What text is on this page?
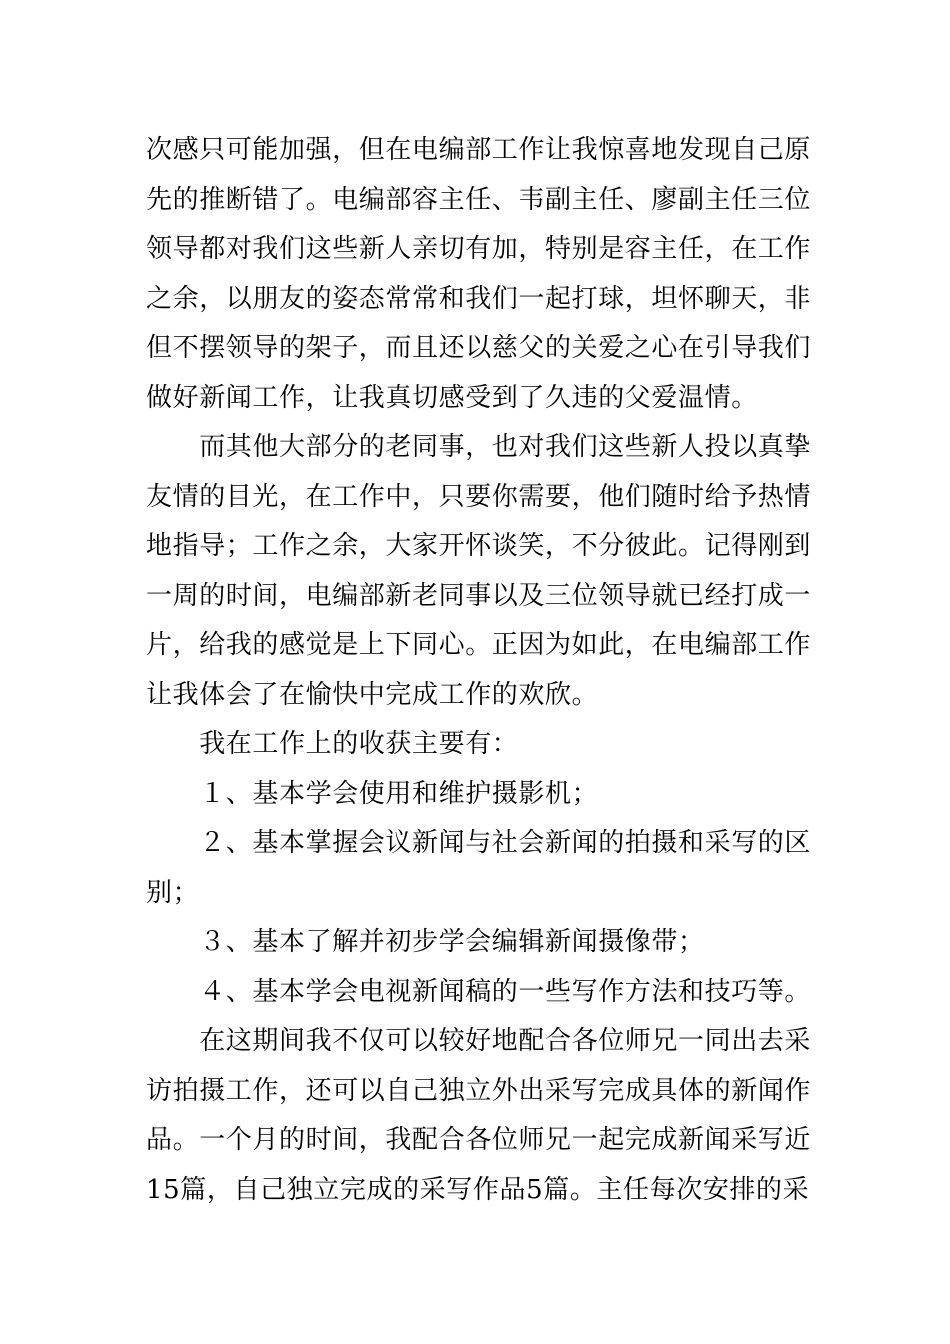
次感只可能加强，但在电编部工作让我惊喜地发现自己原
先的推断错了。电编部容主任、韦副主任、廖副主任三位
领导都对我们这些新人亲切有加，特别是容主任，在工作
之余，以朋友的姿态常常和我们一起打球，坦怀聊天，非
但不摆领导的架子，而且还以慈父的关爱之心在引导我们
做好新闻工作，让我真切感受到了久违的父爱温情。
　　而其他大部分的老同事，也对我们这些新人投以真挚
友情的目光，在工作中，只要你需要，他们随时给予热情
地指导；工作之余，大家开怀谈笑，不分彼此。记得刚到
一周的时间，电编部新老同事以及三位领导就已经打成一
片，给我的感觉是上下同心。正因为如此，在电编部工作
让我体会了在愉快中完成工作的欢欣。
　　我在工作上的收获主要有：
　　１、基本学会使用和维护摄影机；
　　２、基本掌握会议新闻与社会新闻的拍摄和采写的区
别；
　　３、基本了解并初步学会编辑新闻摄像带；
　　４、基本学会电视新闻稿的一些写作方法和技巧等。
　　在这期间我不仅可以较好地配合各位师兄一同出去采
访拍摄工作，还可以自己独立外出采写完成具体的新闻作
品。一个月的时间，我配合各位师兄一起完成新闻采写近
15篇，自己独立完成的采写作品5篇。主任每次安排的采
